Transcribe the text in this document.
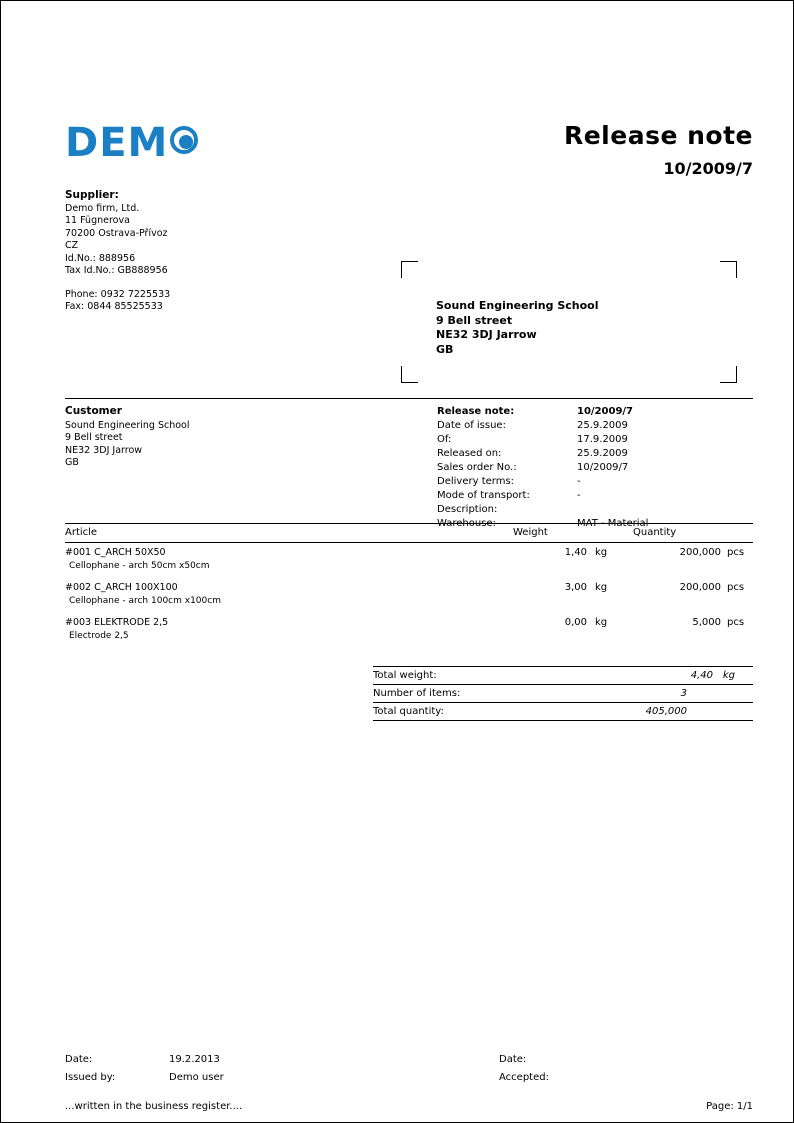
DEM	Release note
10/2009/7
Supplier:
Demo firm, Ltd.
11 Fügnerova
70200 Ostrava-Přívoz
CZ
Id.No.: 888956
Tax Id.No.: GB888956
Phone: 0932 7225533
Fax: 0844 85525533	Sound Engineering School
9 Bell street
NE32 3DJ Jarrow
GB
Customer
Sound Engineering School
9 Bell street
NE32 3DJ Jarrow
GB
Release note:	10/2009/7
Date of issue:	25.9.2009
Of:	17.9.2009
Released on:	25.9.2009
Sales order No.:	10/2009/7
Delivery terms:	-
Mode of transport:	-
Description:
Warehouse:	MAT - Material
Article	Weight	Quantity
#001 C_ARCH 50X50
Cellophane - arch 50cm x50cm
1,40 kg	200,000 pcs
#002 C_ARCH 100X100
Cellophane - arch 100cm x100cm
3,00 kg	200,000 pcs
#003 ELEKTRODE 2,5
Electrode 2,5
0,00 kg	5,000 pcs
Total weight:	4,40 kg
Number of items:	3
Total quantity:	405,000
Date:	19.2.2013	Date:
Issued by:	Demo user	Accepted:
...written in the business register....	Page: 1/1
